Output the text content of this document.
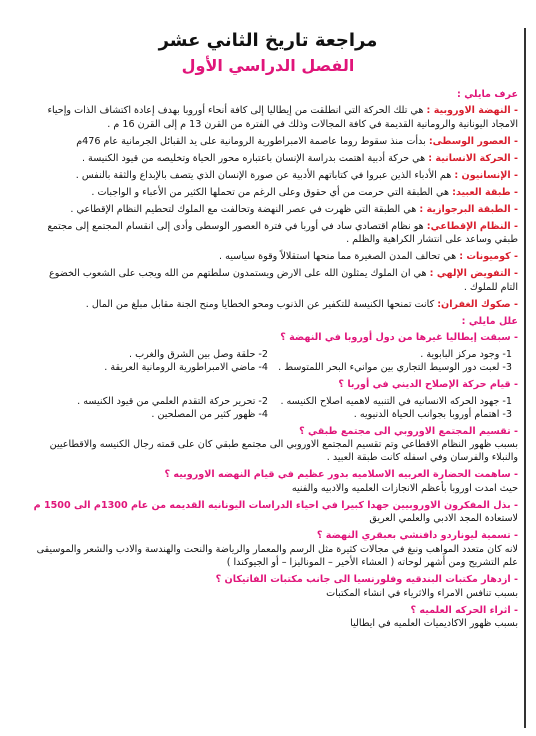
مراجعة تاريخ الثاني عشر
الفصل الدراسي الأول
عرف مايلي :
- النهضة الاوروبية : هي تلك الحركة التي انطلقت من إيطاليا إلى كافة أنحاء أوروبا بهدف إعادة اكتشاف الذات وإحياء الامجاد اليونانية والرومانية القديمة في كافة المجالات وذلك في الفترة من القرن 13 م إلى القرن 16 م .
- العصور الوسطى: بدأت منذ سقوط روما عاصمة الامبراطورية الرومانية على يد القبائل الجرمانية عام 476م
- الحركة الانسانية : هي حركة أدبية اهتمت بدراسة الإنسان باعتباره محور الحياة وتخليصه من قيود الكنيسة .
- الإنسانيون : هم الأدباء الذين عبروا في كتاباتهم الأدبية عن صورة الإنسان الذي يتصف بالإبداع والثقة بالنفس .
- طبقة العبيد: هي الطبقة التي حرمت من أي حقوق وعلى الرغم من تحملها الكثير من الأعباء و الواجبات .
- الطبقة البرجوازية : هي الطبقة التي ظهرت في عصر النهضة وتحالفت مع الملوك لتحطيم النظام الإقطاعي .
- النظام الإقطاعي: هو نظام اقتصادي ساد في أوربا في فترة العصور الوسطى وأدى إلى انقسام المجتمع إلى مجتمع طبقي وساعد على انتشار الكراهية والظلم .
- كوميونات : هي تحالف المدن الصغيرة مما منحها استقلالاً وقوة سياسيه .
- التفويض الإلهي : هي ان الملوك يمثلون الله على الارض ويستمدون سلطتهم من الله ويجب على الشعوب الخضوع التام للملوك .
- صكوك الغفران: كانت تمنحها الكنيسة للتكفير عن الذنوب ومحو الخطايا ومنح الجنة مقابل مبلغ من المال .
علل مايلي :
- سبقت إيطاليا غيرها من دول أوروبا في النهضة ؟
1- وجود مركز البابوية .
2- حلقة وصل بين الشرق والغرب .
3- لعبت دور الوسيط التجاري بين موانيء البحر اللمتوسط .
4- ماضي الامبراطورية الرومانية العريقة .
- قيام حركة الإصلاح الديني في أوربا ؟
1- جهود الحركه الانسانيه في التنبيه لاهميه اصلاح الكنيسه .
2- تحرير حركة التقدم العلمي من قيود الكنيسه .
3- اهتمام أوروبا بجوانب الحياة الدنيويه .
4- ظهور كثير من المصلحين .
- تقسيم المجتمع الاوروبي الى مجتمع طبقي ؟
بسبب ظهور النظام الاقطاعي وتم تقسيم المجتمع الاوروبي الى مجتمع طبقي كان على قمته رجال الكنيسه والاقطاعيين والنبلاء والفرسان وفي اسفله كانت طبقة العبيد .
- ساهمت الحضارة العربيه الاسلاميه بدور عظيم في قيام النهضه الاوروبيه ؟
حيث امدت اوروبا بأعظم الانجازات العلميه والادبيه والفنيه
- بذل المفكرون الاوروبيين جهدا كبيرا في احياء الدراسات اليونانيه القديمه من عام 1300م الى 1500 م
لاستعادة المجد الادبي والعلمي العريق
- تسمية ليوناردو دافنشي بعبقري النهضة ؟
لانه كان متعدد المواهب ونبغ في مجالات كثيرة مثل الرسم والمعمار والرياضة والنحت والهندسة والادب والشعر والموسيقى علم التشريح ومن أشهر لوحاته ( العشاء الأخير – الموناليزا – أو الجيوكندا )
- ازدهار مكتبات البندقيه وفلورنسيا الى جانب مكتبات الفاتيكان ؟
بسبب تنافس الامراء والاثرياء في انشاء المكتبات
- اثراء الحركه العلميه ؟
بسبب ظهور الاكاديميات العلميه في ايطاليا
